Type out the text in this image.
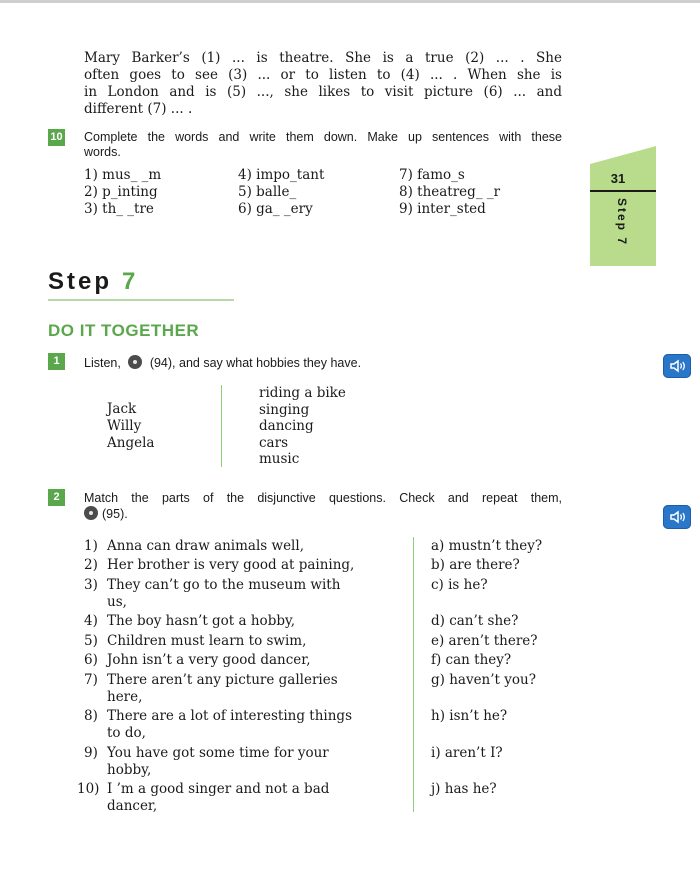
Mary Barker’s (1) ... is theatre. She is a true (2) ... . She
often goes to see (3) ... or to listen to (4) ... . When she is
in London and is (5) ..., she likes to visit picture (6) ... and
different (7) ... .
10 Complete the words and write them down. Make up sentences with these
words.
1) mus_ _m
2) p_inting
3) th_ _tre
4) impo_tant
5) balle_
6) ga_ _ery
7) famo_s
8) theatreg_ _r
9) inter_sted
31
Step 7
Step 7
DO IT TOGETHER
1	Listen, (94), and say what hobbies they have.
Jack
Willy
Angela
riding a bike
singing
dancing
cars
music
2	Match the parts of the disjunctive questions. Check and repeat them,
(95).
1) Anna can draw animals well,
2) Her brother is very good at paining,
3) They can’t go to the museum with
us,
4) The boy hasn’t got a hobby,
5) Children must learn to swim,
6) John isn’t a very good dancer,
7) There aren’t any picture galleries
here,
8) There are a lot of interesting things
to do,
9) You have got some time for your
hobby,
10) I ’m a good singer and not a bad
dancer,
a) mustn’t they?
b) are there?
c) is he?
d) can’t she?
e) aren’t there?
f) can they?
g) haven’t you?
h) isn’t he?
i) aren’t I?
j) has he?
